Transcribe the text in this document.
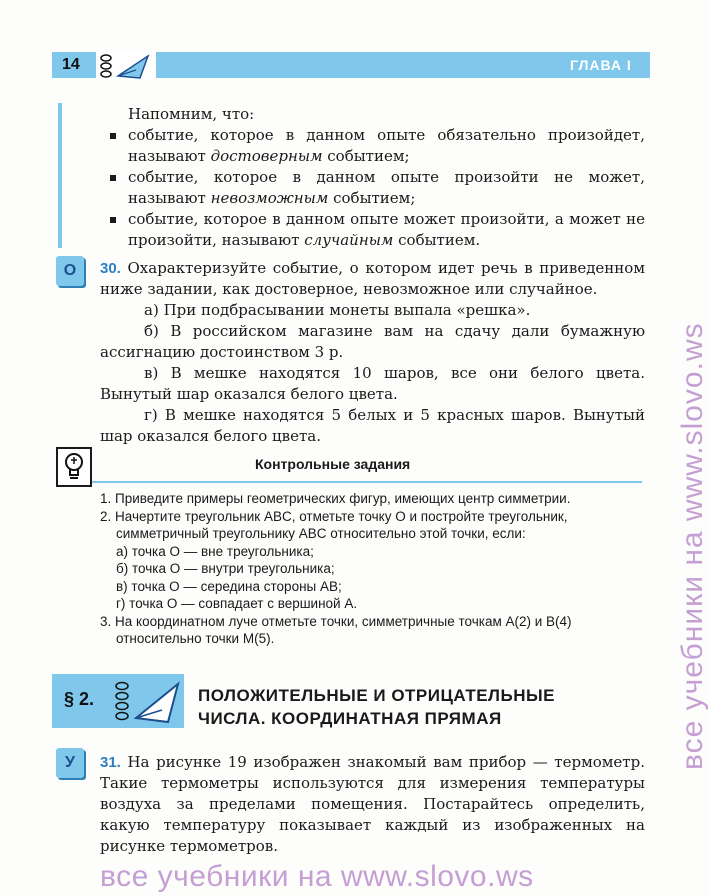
14	ГЛАВА I
Напомним, что:
событие, которое в данном опыте обязательно произойдет, называют достоверным событием;
событие, которое в данном опыте произойти не может, называют невозможным событием;
событие, которое в данном опыте может произойти, а может не произойти, называют случайным событием.
О	30. Охарактеризуйте событие, о котором идет речь в приведенном ниже задании, как достоверное, невозможное или случайное.

а) При подбрасывании монеты выпала «решка».

б) В российском магазине вам на сдачу дали бумажную ассигнацию достоинством 3 р.

в) В мешке находятся 10 шаров, все они белого цвета. Вынутый шар оказался белого цвета.

г) В мешке находятся 5 белых и 5 красных шаров. Вынутый шар оказался белого цвета.

Контрольные задания
1. Приведите примеры геометрических фигур, имеющих центр симметрии.
2. Начертите треугольник ABC, отметьте точку O и постройте треугольник,
симметричный треугольнику ABC относительно этой точки, если:
а) точка O — вне треугольника;
б) точка O — внутри треугольника;
в) точка O — середина стороны AB;
г) точка O — совпадает с вершиной A.
3. На координатном луче отметьте точки, симметричные точкам A(2) и B(4)
относительно точки M(5).
§ 2.	ПОЛОЖИТЕЛЬНЫЕ И ОТРИЦАТЕЛЬНЫЕ
ЧИСЛА. КООРДИНАТНАЯ ПРЯМАЯ
У	31. На рисунке 19 изображен знакомый вам прибор — термометр. Такие термометры используются для измерения температуры воздуха за пределами помещения. Постарайтесь определить, какую температуру показывает каждый из изображенных на рисунке термометров.

все учебники на www.slovo.ws
все учебники на www.slovo.ws
